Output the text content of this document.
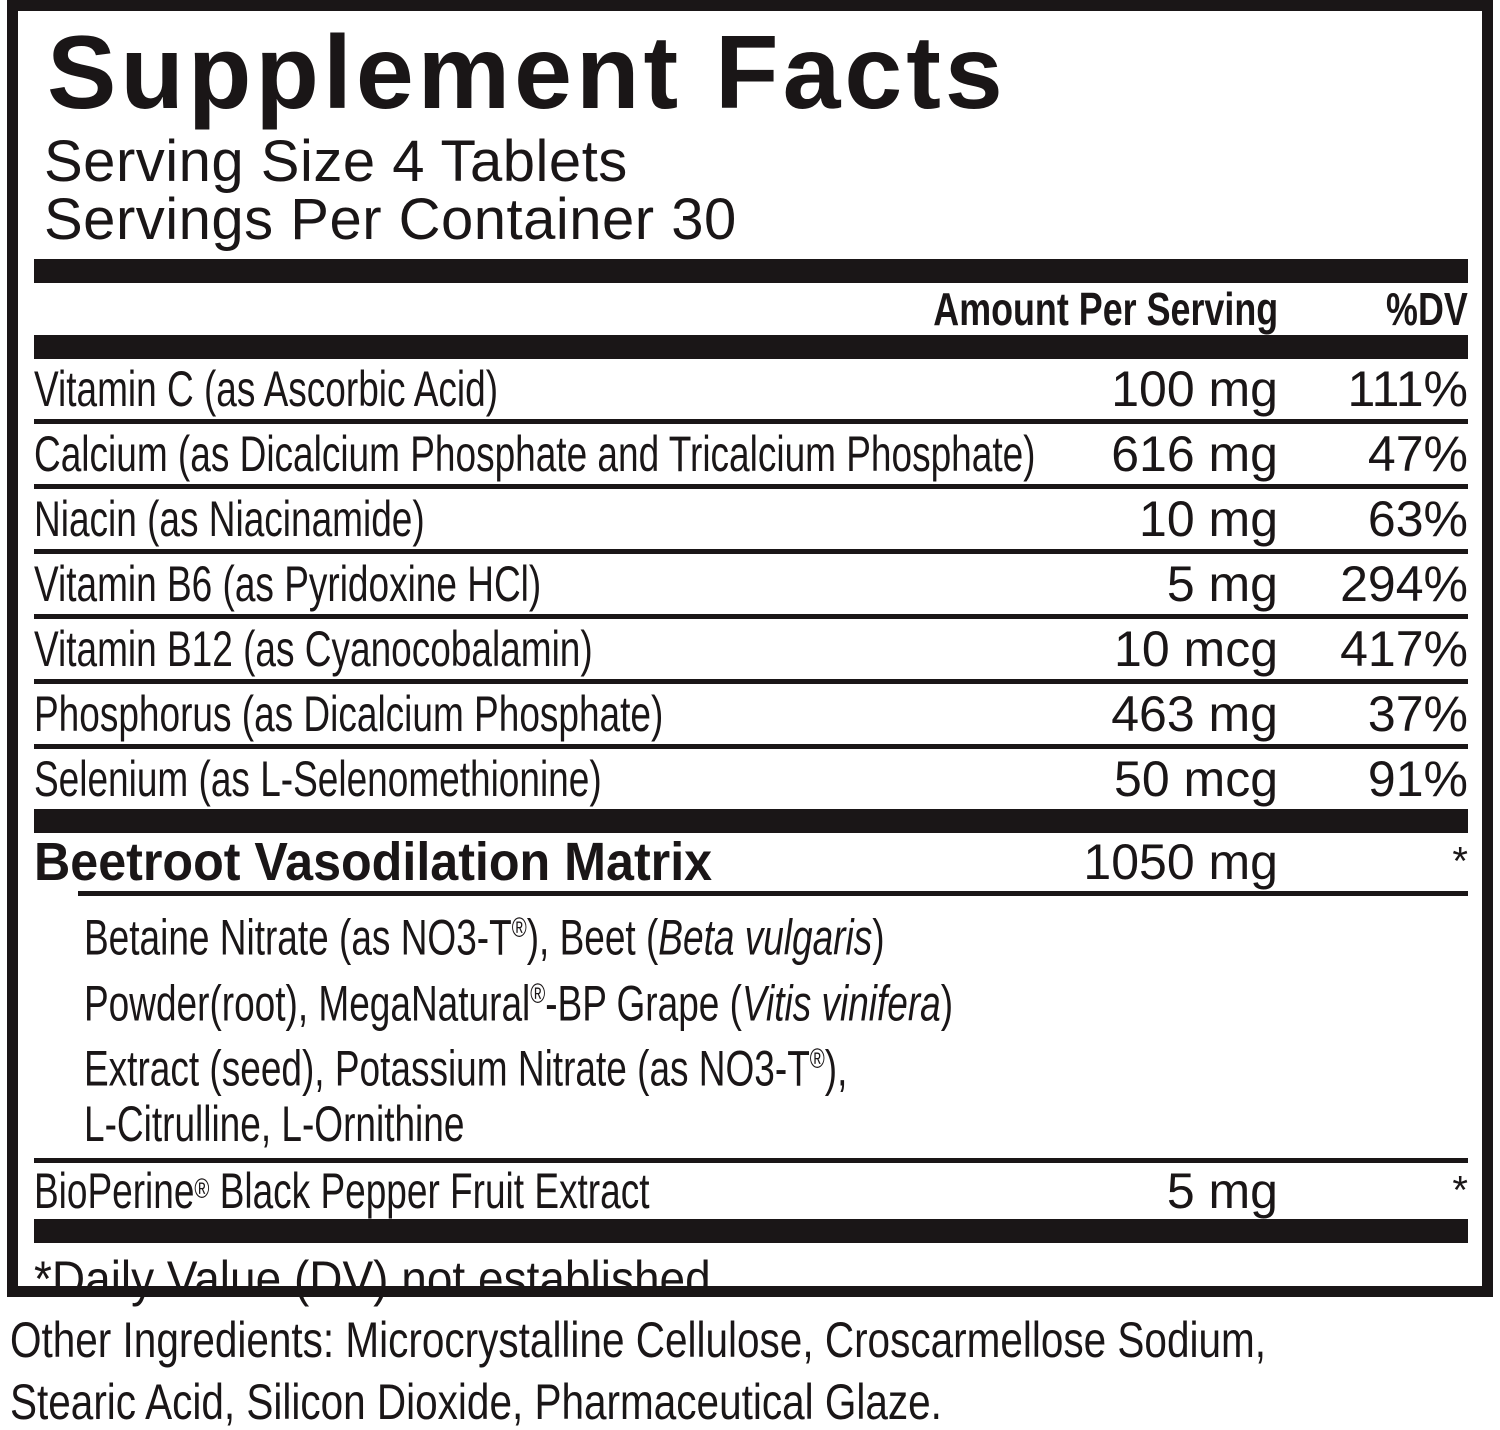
Supplement Facts
Serving Size 4 Tablets
Servings Per Container 30
Amount Per Serving %DV
Vitamin C (as Ascorbic Acid)	100 mg 111%
Calcium (as Dicalcium Phosphate and Tricalcium Phosphate) 616 mg 47%
Niacin (as Niacinamide)	10 mg 63%
Vitamin B6 (as Pyridoxine HCl)	5 mg 294%
Vitamin B12 (as Cyanocobalamin)	10 mcg 417%
Phosphorus (as Dicalcium Phosphate)	463 mg 37%
Selenium (as L-Selenomethionine)	50 mcg 91%
Beetroot Vasodilation Matrix	1050 mg	*
Betaine Nitrate (as NO3-T®), Beet (Beta vulgaris)
Powder(root), MegaNatural®-BP Grape (Vitis vinifera)
Extract (seed), Potassium Nitrate (as NO3-T®),
L-Citrulline, L-Ornithine
BioPerine® Black Pepper Fruit Extract	5 mg	*
*Daily Value (DV) not established
Other Ingredients: Microcrystalline Cellulose, Croscarmellose Sodium,
Stearic Acid, Silicon Dioxide, Pharmaceutical Glaze.
